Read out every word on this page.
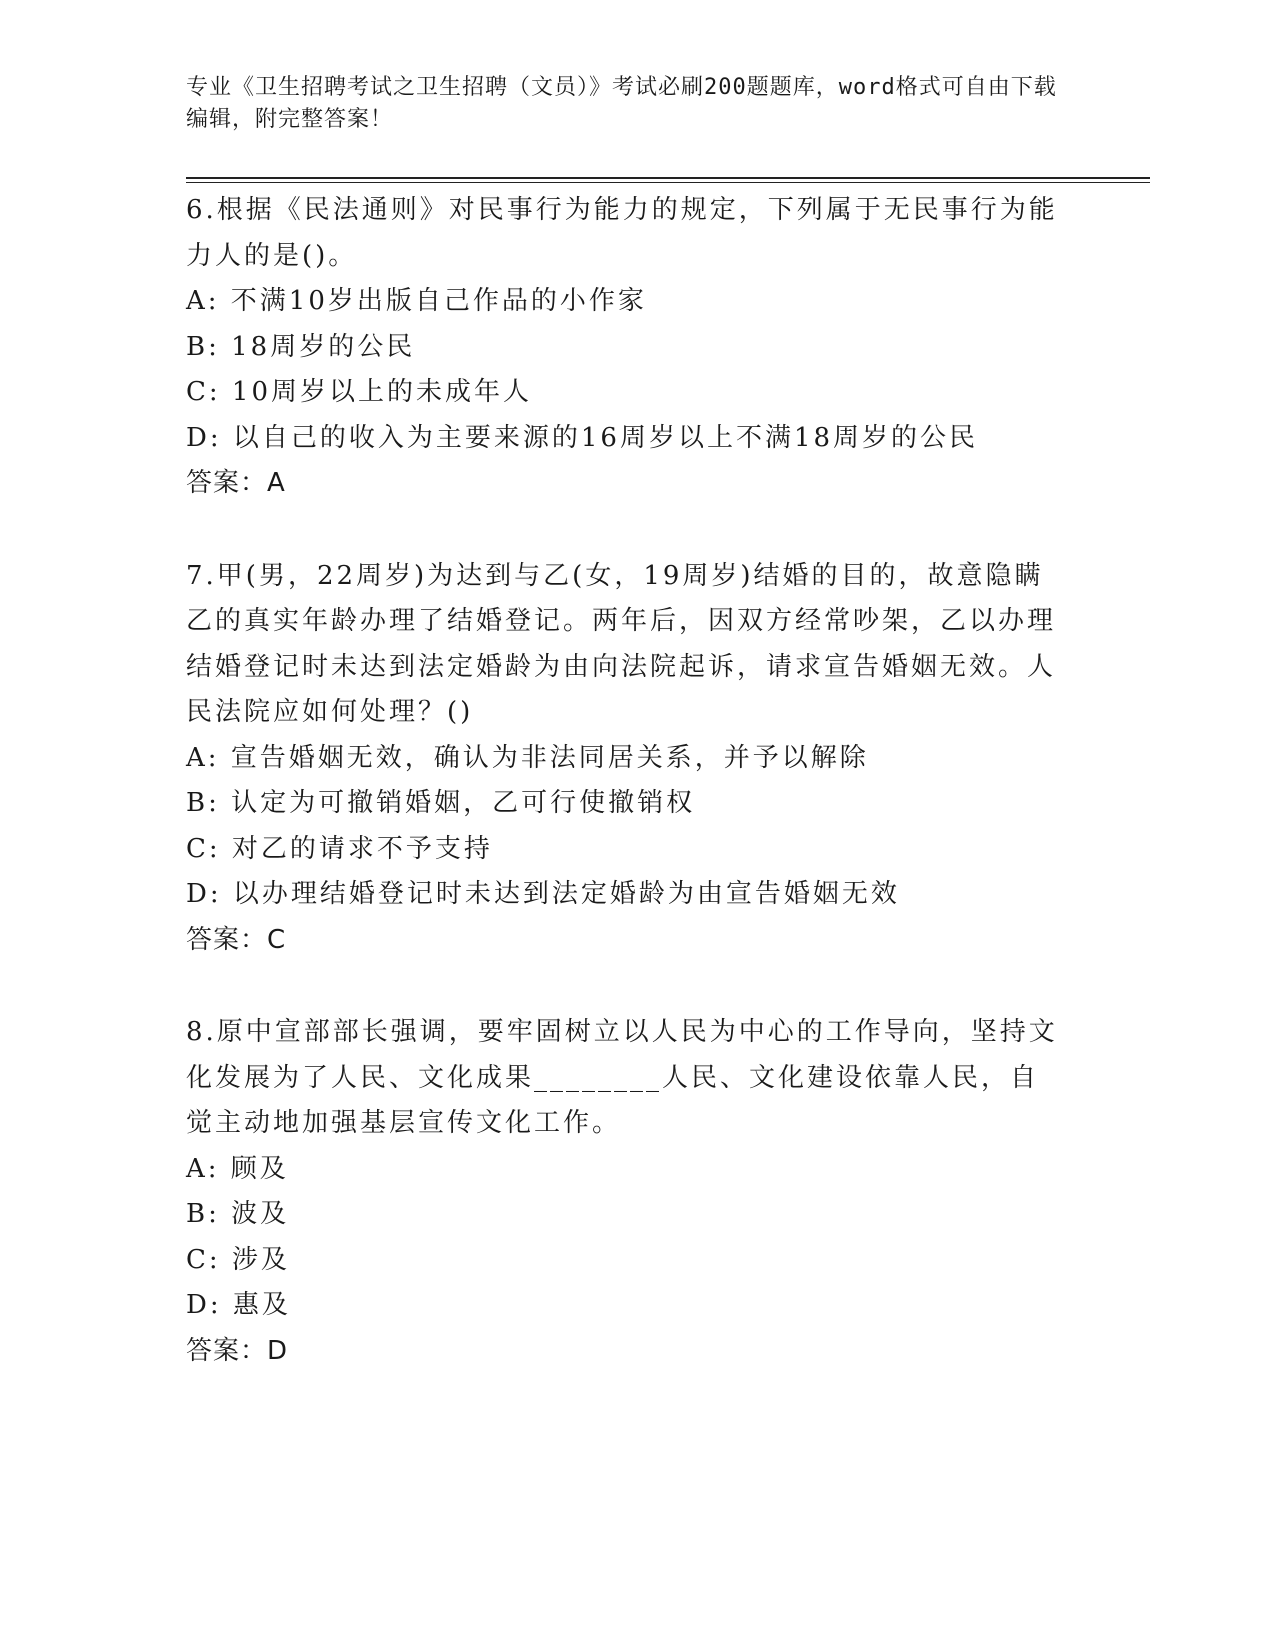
专业《卫生招聘考试之卫生招聘（文员）》考试必刷200题题库，word格式可自由下载编辑，附完整答案！

6.根据《民法通则》对民事行为能力的规定，下列属于无民事行为能力人的是()。

A: 不满10岁出版自己作品的小作家

B: 18周岁的公民

C: 10周岁以上的未成年人

D: 以自己的收入为主要来源的16周岁以上不满18周岁的公民

答案：A

7.甲(男，22周岁)为达到与乙(女，19周岁)结婚的目的，故意隐瞒乙的真实年龄办理了结婚登记。两年后，因双方经常吵架，乙以办理结婚登记时未达到法定婚龄为由向法院起诉，请求宣告婚姻无效。人民法院应如何处理？()

A: 宣告婚姻无效，确认为非法同居关系，并予以解除

B: 认定为可撤销婚姻，乙可行使撤销权

C: 对乙的请求不予支持

D: 以办理结婚登记时未达到法定婚龄为由宣告婚姻无效

答案：C

8.原中宣部部长强调，要牢固树立以人民为中心的工作导向，坚持文化发展为了人民、文化成果________人民、文化建设依靠人民，自觉主动地加强基层宣传文化工作。

A: 顾及

B: 波及

C: 涉及

D: 惠及

答案：D
